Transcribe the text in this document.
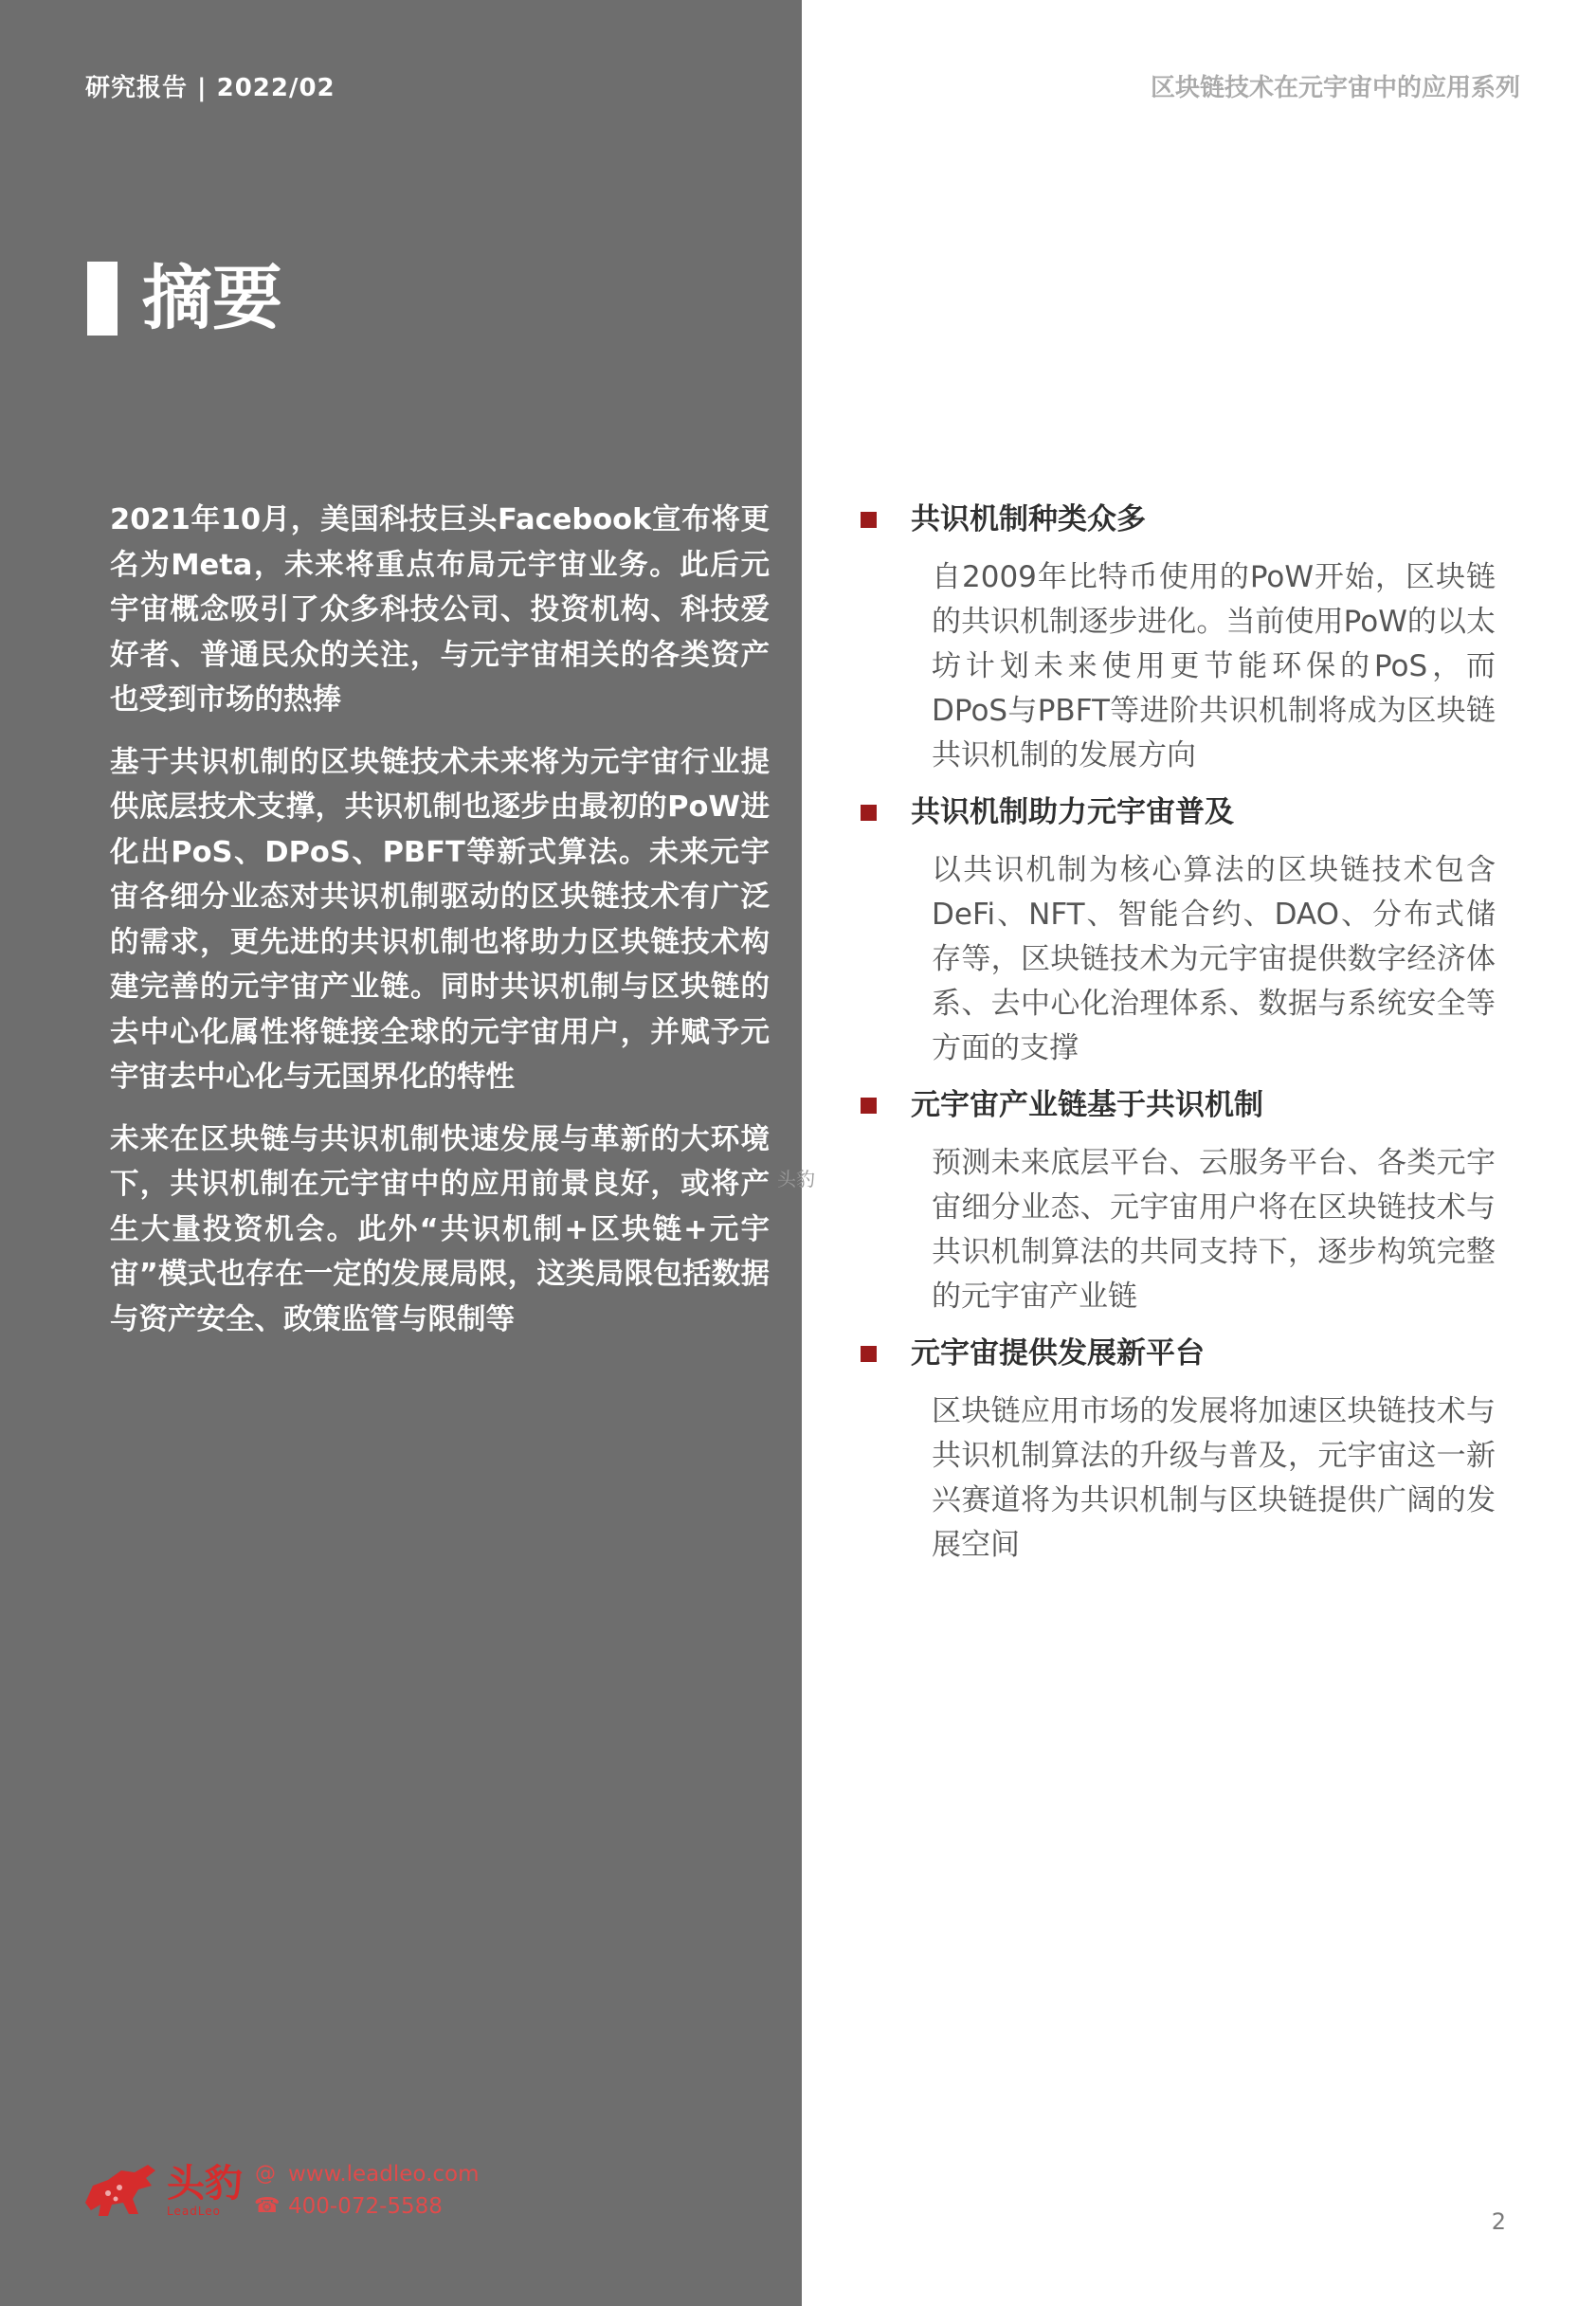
研究报告 | 2022/02	区块链技术在元宇宙中的应用系列
摘要

2021年10月，美国科技巨头Facebook宣布将更名为Meta，未来将重点布局元宇宙业务。此后元宇宙概念吸引了众多科技公司、投资机构、科技爱好者、普通民众的关注，与元宇宙相关的各类资产也受到市场的热捧

基于共识机制的区块链技术未来将为元宇宙行业提供底层技术支撑，共识机制也逐步由最初的PoW进化出PoS、DPoS、PBFT等新式算法。未来元宇宙各细分业态对共识机制驱动的区块链技术有广泛的需求，更先进的共识机制也将助力区块链技术构建完善的元宇宙产业链。同时共识机制与区块链的去中心化属性将链接全球的元宇宙用户，并赋予元宇宙去中心化与无国界化的特性

未来在区块链与共识机制快速发展与革新的大环境下，共识机制在元宇宙中的应用前景良好，或将产生大量投资机会。此外“共识机制+区块链+元宇宙”模式也存在一定的发展局限，这类局限包括数据与资产安全、政策监管与限制等

头豹
共识机制种类众多
自2009年比特币使用的PoW开始，区块链的共识机制逐步进化。当前使用PoW的以太坊计划未来使用更节能环保的PoS，而DPoS与PBFT等进阶共识机制将成为区块链共识机制的发展方向
共识机制助力元宇宙普及
以共识机制为核心算法的区块链技术包含DeFi、NFT、智能合约、DAO、分布式储存等，区块链技术为元宇宙提供数字经济体系、去中心化治理体系、数据与系统安全等方面的支撑
元宇宙产业链基于共识机制
预测未来底层平台、云服务平台、各类元宇宙细分业态、元宇宙用户将在区块链技术与共识机制算法的共同支持下，逐步构筑完整的元宇宙产业链
元宇宙提供发展新平台
区块链应用市场的发展将加速区块链技术与共识机制算法的升级与普及，元宇宙这一新兴赛道将为共识机制与区块链提供广阔的发展空间
头豹
LeadLeo
@ www.leadleo.com
☎ 400-072-5588
2
